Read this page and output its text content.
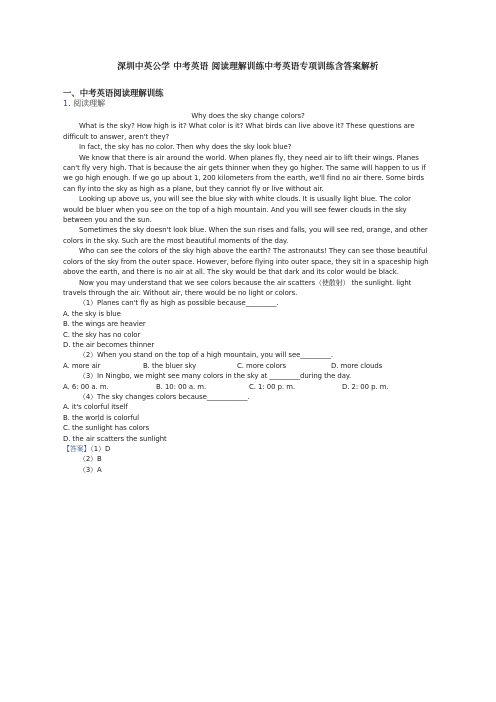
深圳中英公学 中考英语 阅读理解训练中考英语专项训练含答案解析
一、中考英语阅读理解训练
1. 阅读理解

Why does the sky change colors?

What is the sky? How high is it? What color is it? What birds can live above it? These questions are difficult to answer, aren't they?

In fact, the sky has no color. Then why does the sky look blue?

We know that there is air around the world. When planes fly, they need air to lift their wings. Planes can't fly very high. That is because the air gets thinner when they go higher. The same will happen to us if we go high enough. If we go up about 1, 200 kilometers from the earth, we'll find no air there. Some birds can fly into the sky as high as a plane, but they cannot fly or live without air.

Looking up above us, you will see the blue sky with white clouds. It is usually light blue. The color would be bluer when you see on the top of a high mountain. And you will see fewer clouds in the sky between you and the sun.

Sometimes the sky doesn't look blue. When the sun rises and falls, you will see red, orange, and other colors in the sky. Such are the most beautiful moments of the day.

Who can see the colors of the sky high above the earth? The astronauts! They can see those beautiful colors of the sky from the outer space. However, before flying into outer space, they sit in a spaceship high above the earth, and there is no air at all. The sky would be that dark and its color would be black.

Now you may understand that we see colors because the air scatters（使散射） the sunlight. light travels through the air. Without air, there would be no light or colors.

（1）Planes can't fly as high as possible because_________.

A. the sky is blue

B. the wings are heavier

C. the sky has no color

D. the air becomes thinner

（2）When you stand on the top of a high mountain, you will see_________.

A. more air	B. the bluer sky	C. more colors	D. more clouds

（3）In Ningbo, we might see many colors in the sky at _________during the day.

A. 6: 00 a. m.	B. 10: 00 a. m.	C. 1: 00 p. m.	D. 2: 00 p. m.

（4）The sky changes colors because____________.

A. it's colorful itself

B. the world is colorful

C. the sunlight has colors

D. the air scatters the sunlight

【答案】（1）D

（2）B

（3）A
